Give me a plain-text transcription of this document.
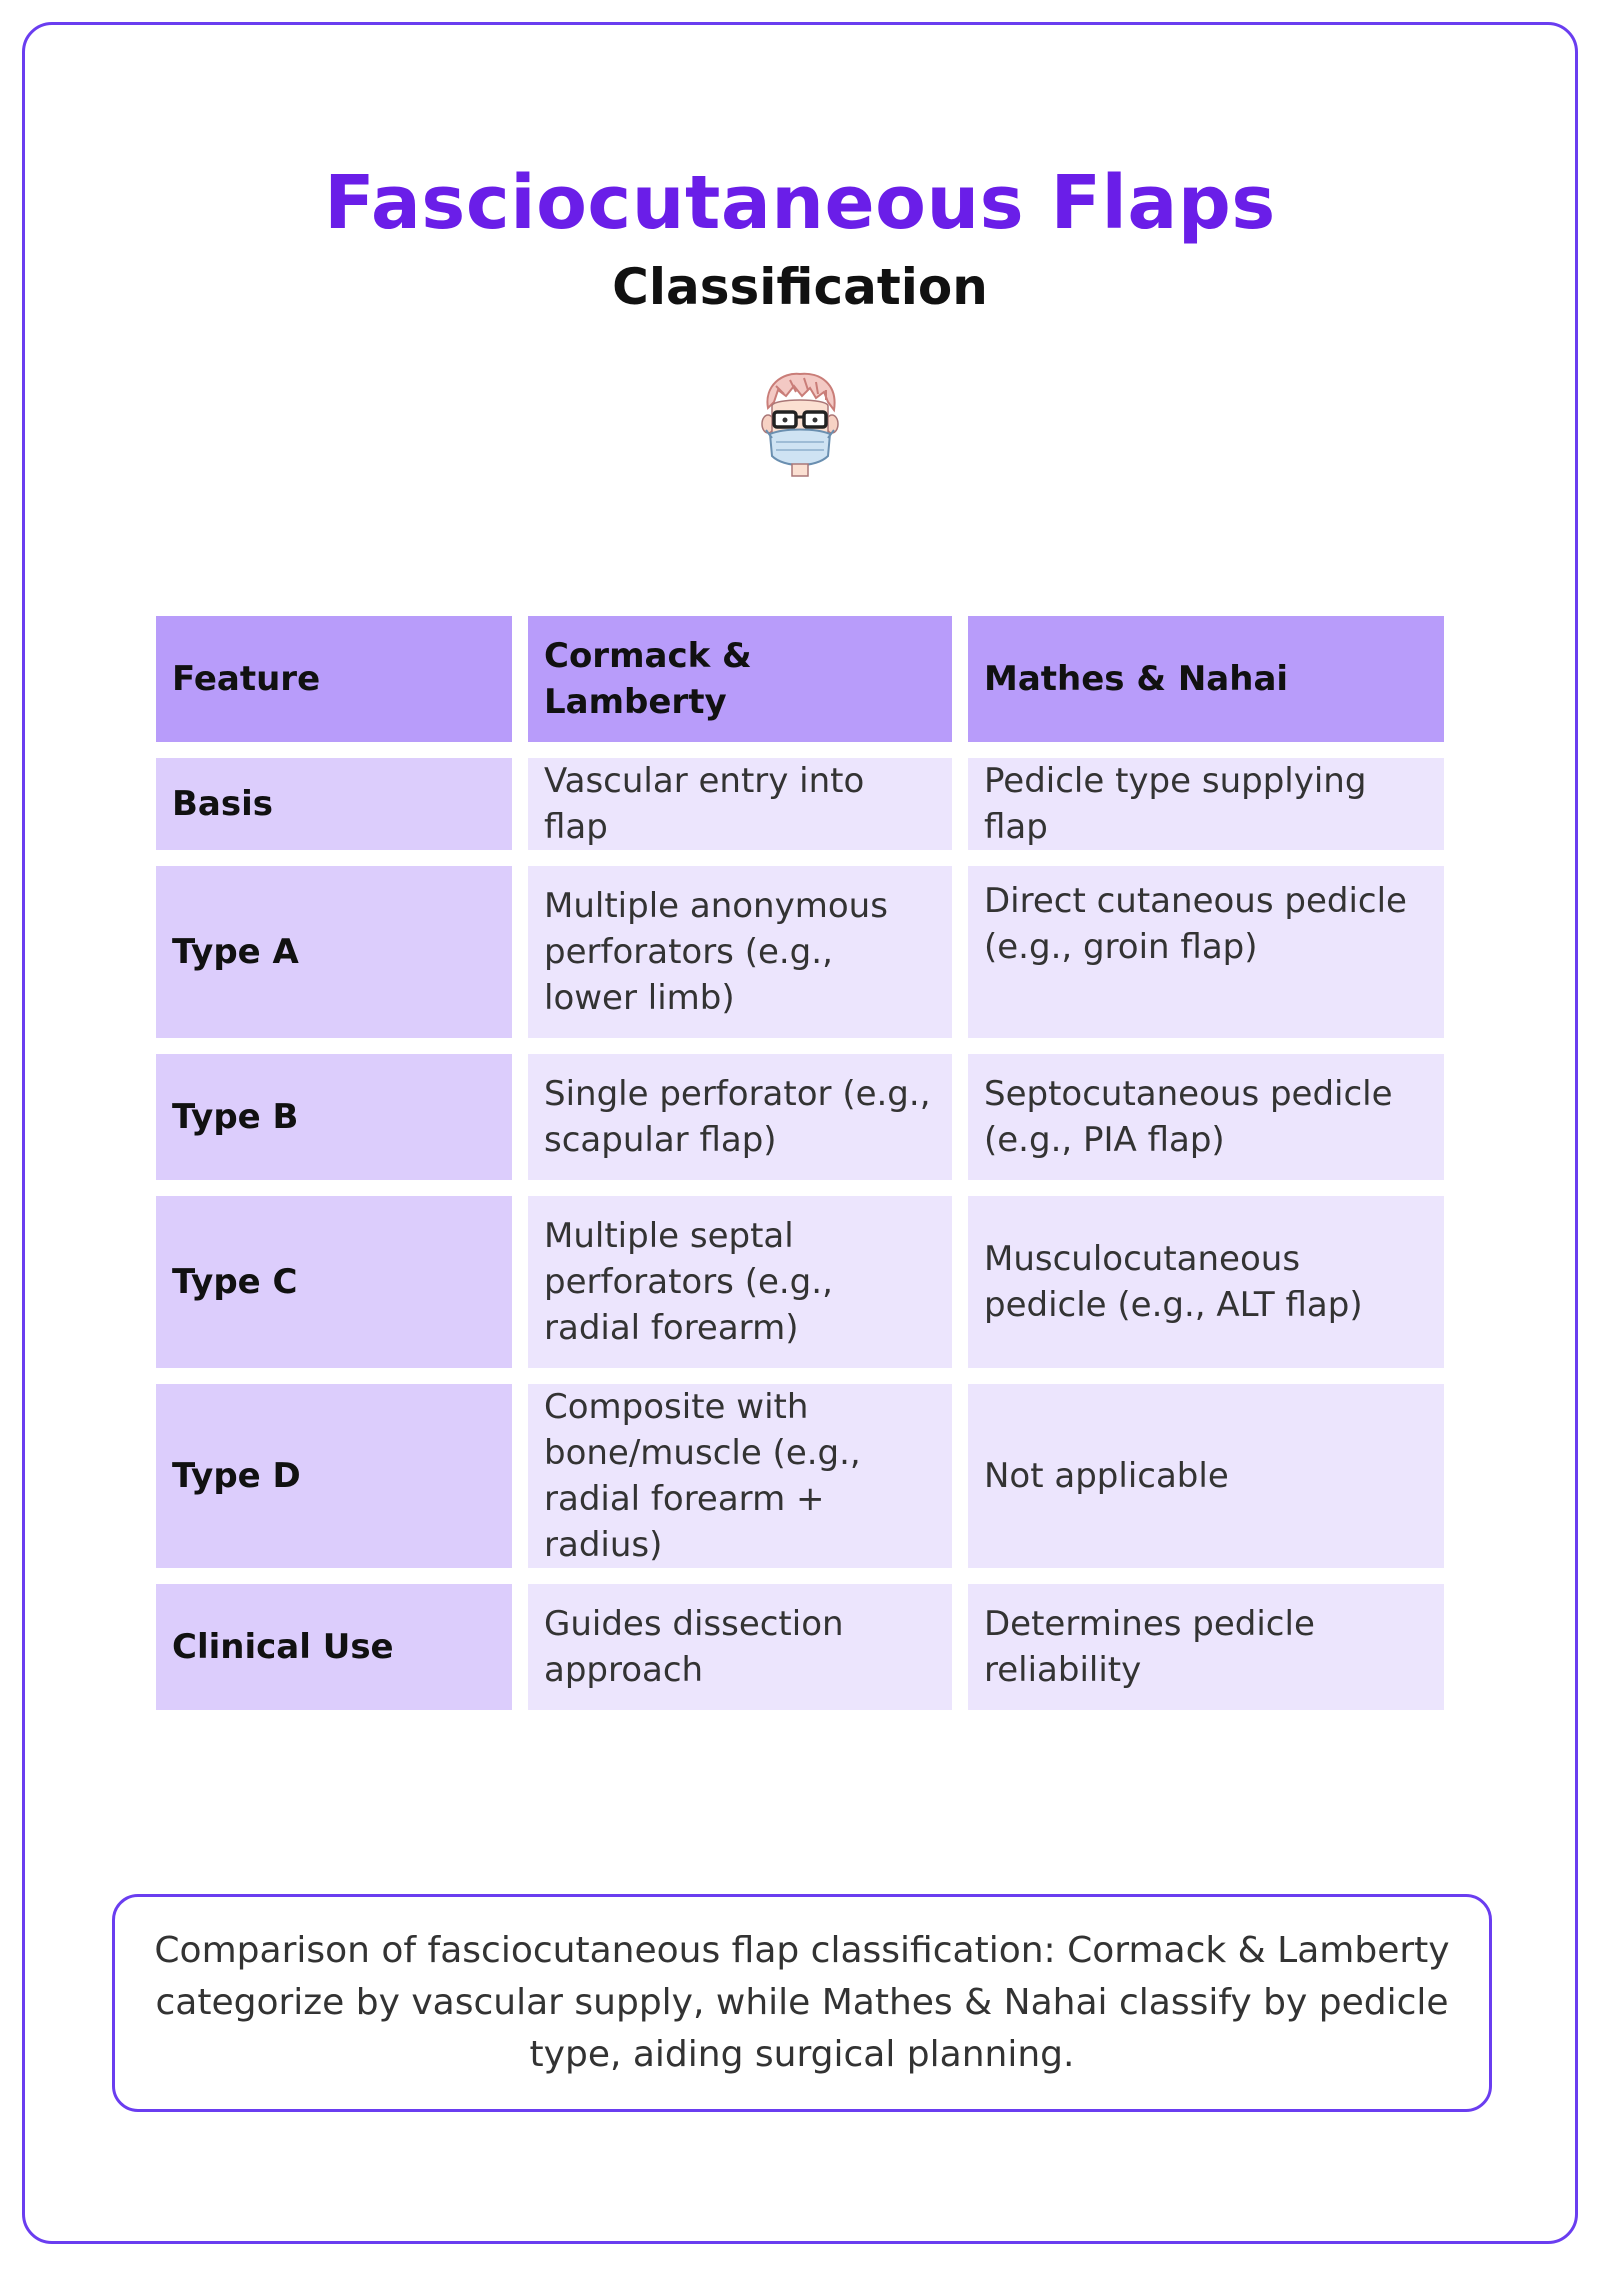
Fasciocutaneous Flaps
Classification
Feature	Cormack & Lamberty	Mathes & Nahai
Basis	Vascular entry into flap	Pedicle type supplying flap
Type A	Multiple anonymous perforators (e.g., lower limb)	Direct cutaneous pedicle (e.g., groin flap)
Type B	Single perforator (e.g., scapular flap)	Septocutaneous pedicle (e.g., PIA flap)
Type C	Multiple septal perforators (e.g., radial forearm)	Musculocutaneous pedicle (e.g., ALT flap)
Type D	Composite with bone/muscle (e.g., radial forearm + radius)	Not applicable
Clinical Use	Guides dissection approach	Determines pedicle reliability
Comparison of fasciocutaneous flap classification: Cormack & Lamberty categorize by vascular supply, while Mathes & Nahai classify by pedicle type, aiding surgical planning.
